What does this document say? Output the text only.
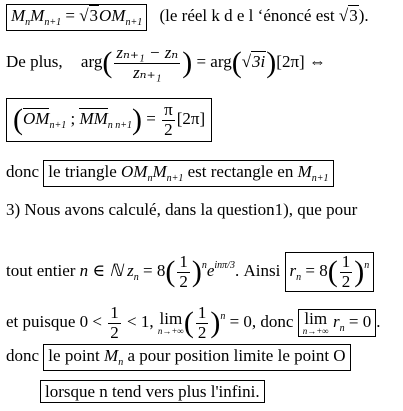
$M_nM_{n+1} = √3OM_{n+1}$ (le réel k d e l ‘énoncé est √3).
De plus, $arg( \frac{\text{zₙ₊₁ − zₙ}}{\text{zₙ₊₁}}$ ) = arg(√3i)[2π] ⇔
($OM_{n+1}$ ; $MM_{n n+1}) = \frac{\pi}{2} [2\pi]$
donc le triangle $OM_nM_{n+1}$ est rectangle en $M_{n+1}$
3) Nous avons calculé, dans la question1), que pour
tout entier n ∈ ℕ $z_n = 8( \frac{1}{2} )^ne^{in\pi/3}$. Ainsi $r_n = 8( \frac{1}{2} )^n$
et puisque $0 < \frac{1}{2} < 1$, lim
n→+∞ ( $\frac{1}{2} )^n = 0$, donc lim
n→+∞
$r_n = 0$ .
donc le point $M_n$ a pour position limite le point O
lorsque n tend vers plus l'infini.
